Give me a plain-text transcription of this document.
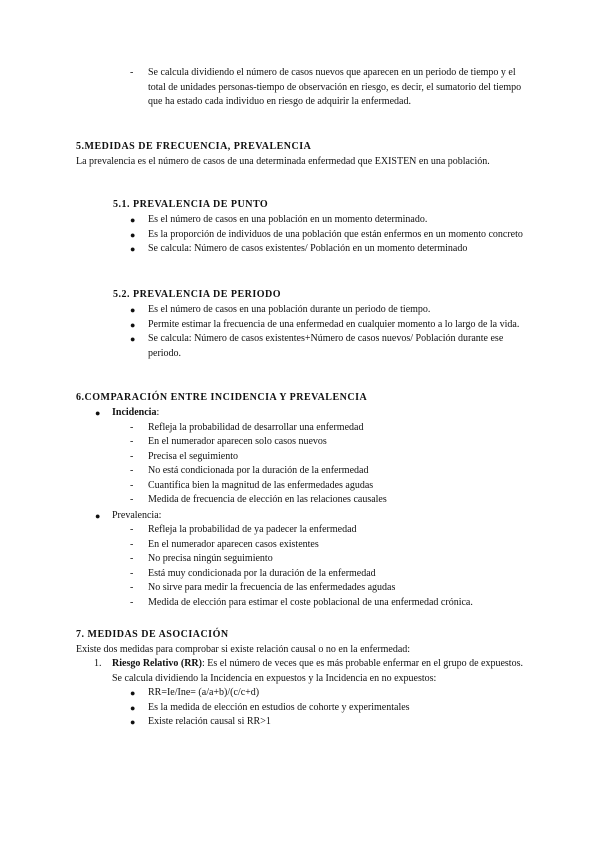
- Se calcula dividiendo el número de casos nuevos que aparecen en un periodo de tiempo y el total de unidades personas-tiempo de observación en riesgo, es decir, el sumatorio del tiempo que ha estado cada individuo en riesgo de adquirir la enfermedad.
5.MEDIDAS DE FRECUENCIA, PREVALENCIA
La prevalencia es el número de casos de una determinada enfermedad que EXISTEN en una población.
5.1. PREVALENCIA DE PUNTO
● Es el número de casos en una población en un momento determinado.
● Es la proporción de individuos de una población que están enfermos en un momento concreto
● Se calcula: Número de casos existentes/ Población en un momento determinado
5.2. PREVALENCIA DE PERIODO
● Es el número de casos en una población durante un periodo de tiempo.
● Permite estimar la frecuencia de una enfermedad en cualquier momento a lo largo de la vida.
● Se calcula: Número de casos existentes+Número de casos nuevos/ Población durante ese periodo.
6.COMPARACIÓN ENTRE INCIDENCIA Y PREVALENCIA
● Incidencia:
- Refleja la probabilidad de desarrollar una enfermedad
- En el numerador aparecen solo casos nuevos
- Precisa el seguimiento
- No está condicionada por la duración de la enfermedad
- Cuantifica bien la magnitud de las enfermedades agudas
- Medida de frecuencia de elección en las relaciones causales
● Prevalencia:
- Refleja la probabilidad de ya padecer la enfermedad
- En el numerador aparecen casos existentes
- No precisa ningún seguimiento
- Está muy condicionada por la duración de la enfermedad
- No sirve para medir la frecuencia de las enfermedades agudas
- Medida de elección para estimar el coste poblacional de una enfermedad crónica.
7. MEDIDAS DE ASOCIACIÓN
Existe dos medidas para comprobar si existe relación causal o no en la enfermedad:
1. Riesgo Relativo (RR): Es el número de veces que es más probable enfermar en el grupo de expuestos. Se calcula dividiendo la Incidencia en expuestos y la Incidencia en no expuestos:
● RR=Ie/Ine= (a/a+b)/(c/c+d)
● Es la medida de elección en estudios de cohorte y experimentales
● Existe relación causal si RR>1
